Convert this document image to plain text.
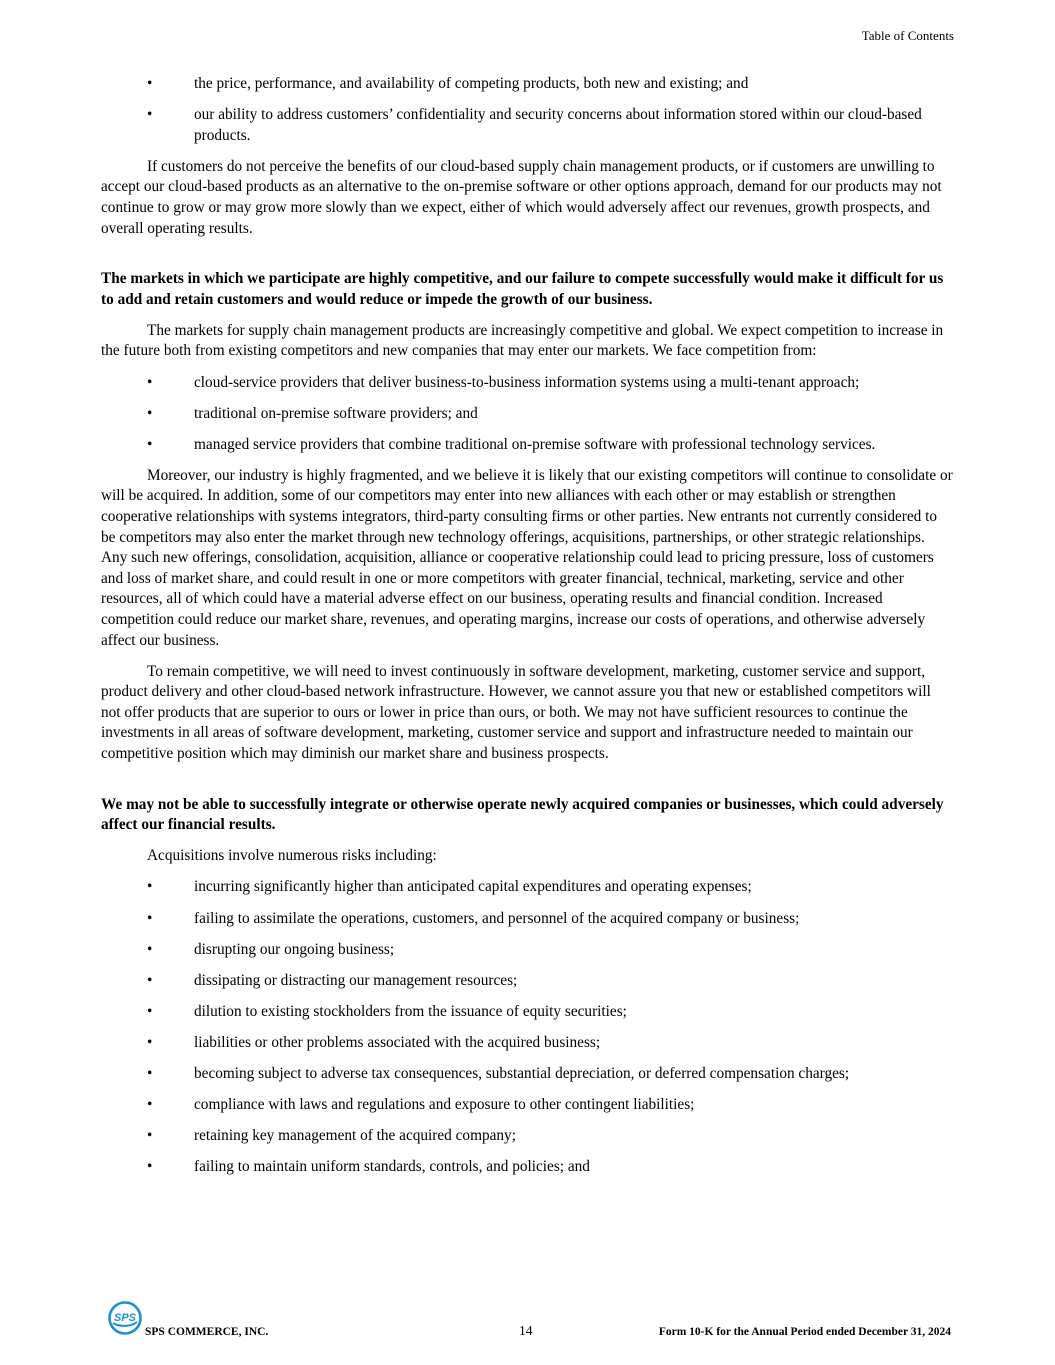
Table of Contents
•	the price, performance, and availability of competing products, both new and existing; and
•	our ability to address customers’ confidentiality and security concerns about information stored within our cloud-based products.

If customers do not perceive the benefits of our cloud-based supply chain management products, or if customers are unwilling to accept our cloud-based products as an alternative to the on-premise software or other options approach, demand for our products may not continue to grow or may grow more slowly than we expect, either of which would adversely affect our revenues, growth prospects, and overall operating results.

The markets in which we participate are highly competitive, and our failure to compete successfully would make it difficult for us to add and retain customers and would reduce or impede the growth of our business.

The markets for supply chain management products are increasingly competitive and global. We expect competition to increase in the future both from existing competitors and new companies that may enter our markets. We face competition from:

•	cloud-service providers that deliver business-to-business information systems using a multi-tenant approach;
•	traditional on-premise software providers; and
•	managed service providers that combine traditional on-premise software with professional technology services.

Moreover, our industry is highly fragmented, and we believe it is likely that our existing competitors will continue to consolidate or will be acquired. In addition, some of our competitors may enter into new alliances with each other or may establish or strengthen cooperative relationships with systems integrators, third-party consulting firms or other parties. New entrants not currently considered to be competitors may also enter the market through new technology offerings, acquisitions, partnerships, or other strategic relationships. Any such new offerings, consolidation, acquisition, alliance or cooperative relationship could lead to pricing pressure, loss of customers and loss of market share, and could result in one or more competitors with greater financial, technical, marketing, service and other resources, all of which could have a material adverse effect on our business, operating results and financial condition. Increased competition could reduce our market share, revenues, and operating margins, increase our costs of operations, and otherwise adversely affect our business.

To remain competitive, we will need to invest continuously in software development, marketing, customer service and support, product delivery and other cloud-based network infrastructure. However, we cannot assure you that new or established competitors will not offer products that are superior to ours or lower in price than ours, or both. We may not have sufficient resources to continue the investments in all areas of software development, marketing, customer service and support and infrastructure needed to maintain our competitive position which may diminish our market share and business prospects.

We may not be able to successfully integrate or otherwise operate newly acquired companies or businesses, which could adversely affect our financial results.

Acquisitions involve numerous risks including:

•	incurring significantly higher than anticipated capital expenditures and operating expenses;
•	failing to assimilate the operations, customers, and personnel of the acquired company or business;
•	disrupting our ongoing business;
•	dissipating or distracting our management resources;
•	dilution to existing stockholders from the issuance of equity securities;
•	liabilities or other problems associated with the acquired business;
•	becoming subject to adverse tax consequences, substantial depreciation, or deferred compensation charges;
•	compliance with laws and regulations and exposure to other contingent liabilities;
•	retaining key management of the acquired company;
•	failing to maintain uniform standards, controls, and policies; and
SPS
SPS COMMERCE, INC.	14	Form 10-K for the Annual Period ended December 31, 2024
